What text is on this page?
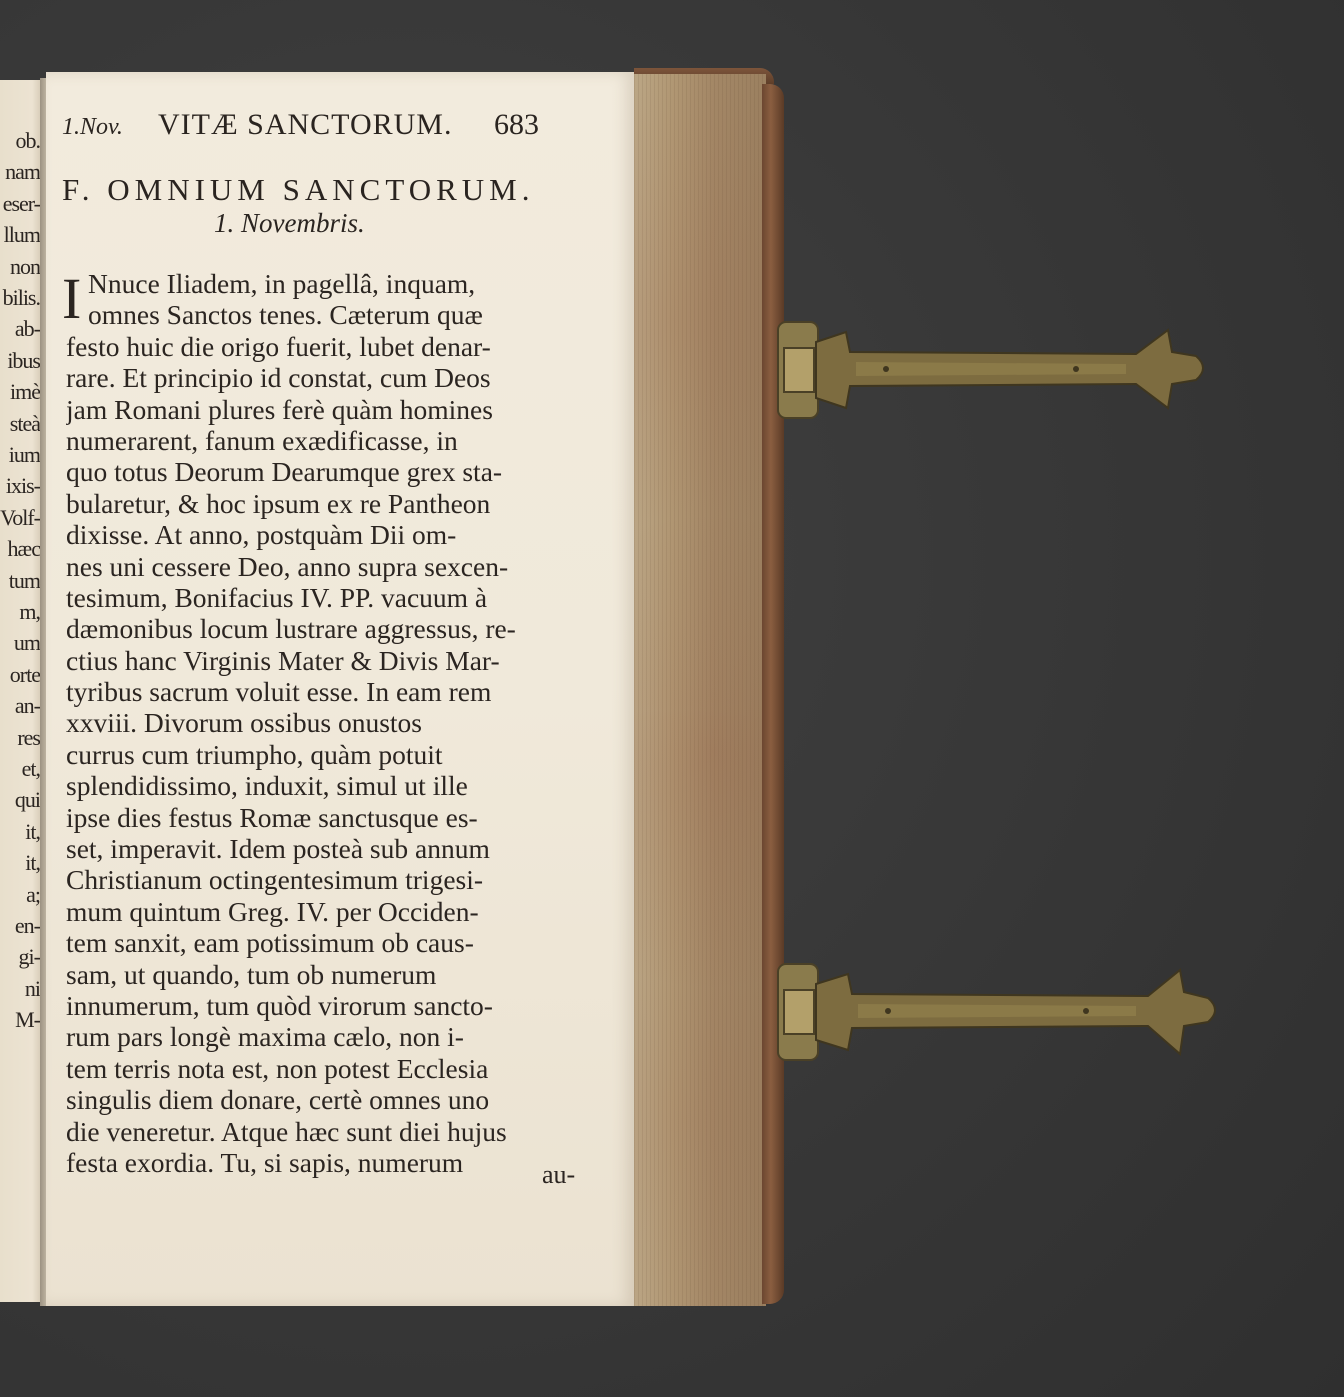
ob.
nam
eser-
llum
non
bilis.
ab-
ibus
imè
steà
ium
ixis-
Volf-
hæc
tum
m,
um
orte
an-
res
et,
qui
it,
it,
a;
en-
gi-
ni
M-
1.Nov. VITÆ SANCTORUM. 683
F. OMNIUM SANCTORUM.
1. Novembris.
I Nnuce Iliadem, in pagellâ, inquam,
omnes Sanctos tenes. Cæterum quæ
festo huic die origo fuerit, lubet denar-
rare. Et principio id constat, cum Deos
jam Romani plures ferè quàm homines
numerarent, fanum exædificasse, in
quo totus Deorum Dearumque grex sta-
bularetur, & hoc ipsum ex re Pantheon
dixisse. At anno, postquàm Dii om-
nes uni cessere Deo, anno supra sexcen-
tesimum, Bonifacius IV. PP. vacuum à
dæmonibus locum lustrare aggressus, re-
ctius hanc Virginis Mater & Divis Mar-
tyribus sacrum voluit esse. In eam rem
xxviii. Divorum ossibus onustos
currus cum triumpho, quàm potuit
splendidissimo, induxit, simul ut ille
ipse dies festus Romæ sanctusque es-
set, imperavit. Idem posteà sub annum
Christianum octingentesimum trigesi-
mum quintum Greg. IV. per Occiden-
tem sanxit, eam potissimum ob caus-
sam, ut quando, tum ob numerum
innumerum, tum quòd virorum sancto-
rum pars longè maxima cælo, non i-
tem terris nota est, non potest Ecclesia
singulis diem donare, certè omnes uno
die veneretur. Atque hæc sunt diei hujus
festa exordia. Tu, si sapis, numerum	au-
